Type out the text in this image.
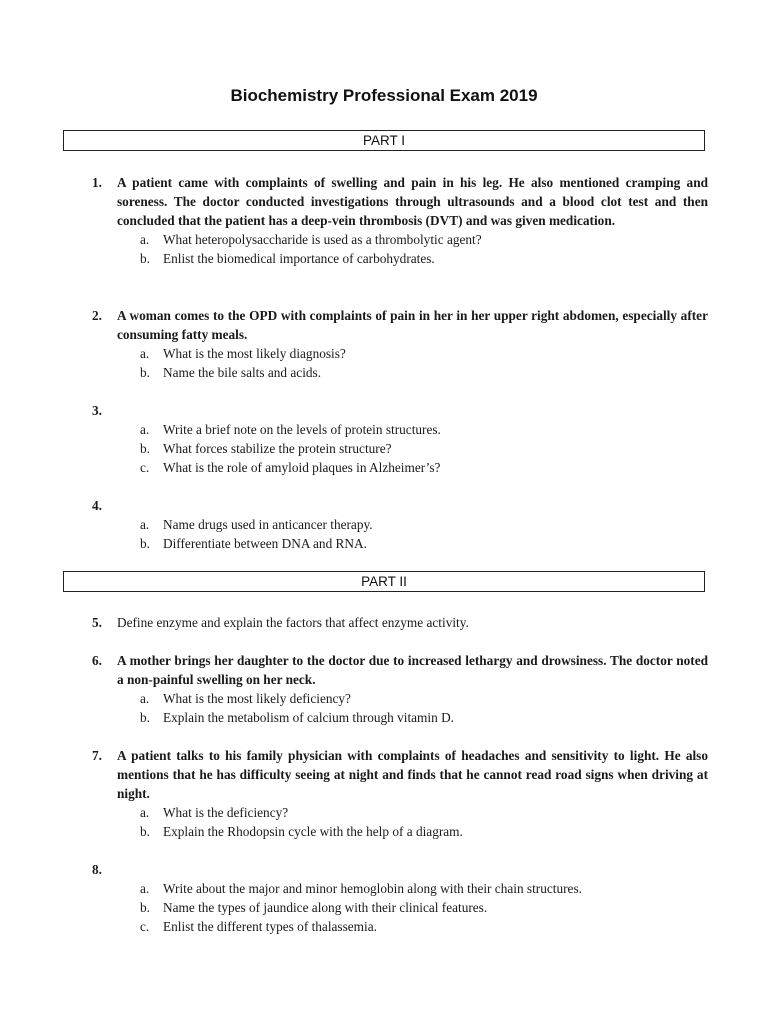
Biochemistry Professional Exam 2019
PART I
1.	A patient came with complaints of swelling and pain in his leg. He also mentioned cramping and soreness. The doctor conducted investigations through ultrasounds and a blood clot test and then concluded that the patient has a deep-vein thrombosis (DVT) and was given medication.
a.	What heteropolysaccharide is used as a thrombolytic agent?
b. Enlist the biomedical importance of carbohydrates.
2.	A woman comes to the OPD with complaints of pain in her in her upper right abdomen, especially after consuming fatty meals.
a.	What is the most likely diagnosis?
b. Name the bile salts and acids.
3.
a.	Write a brief note on the levels of protein structures.
b. What forces stabilize the protein structure?
c.	What is the role of amyloid plaques in Alzheimer’s?
4.
a.	Name drugs used in anticancer therapy.
b. Differentiate between DNA and RNA.
PART II
5.	Define enzyme and explain the factors that affect enzyme activity.
6.	A mother brings her daughter to the doctor due to increased lethargy and drowsiness. The doctor noted a non-painful swelling on her neck.
a.	What is the most likely deficiency?
b. Explain the metabolism of calcium through vitamin D.
7.	A patient talks to his family physician with complaints of headaches and sensitivity to light. He also mentions that he has difficulty seeing at night and finds that he cannot read road signs when driving at night.
a.	What is the deficiency?
b. Explain the Rhodopsin cycle with the help of a diagram.
8.
a.	Write about the major and minor hemoglobin along with their chain structures.
b. Name the types of jaundice along with their clinical features.
c.	Enlist the different types of thalassemia.
